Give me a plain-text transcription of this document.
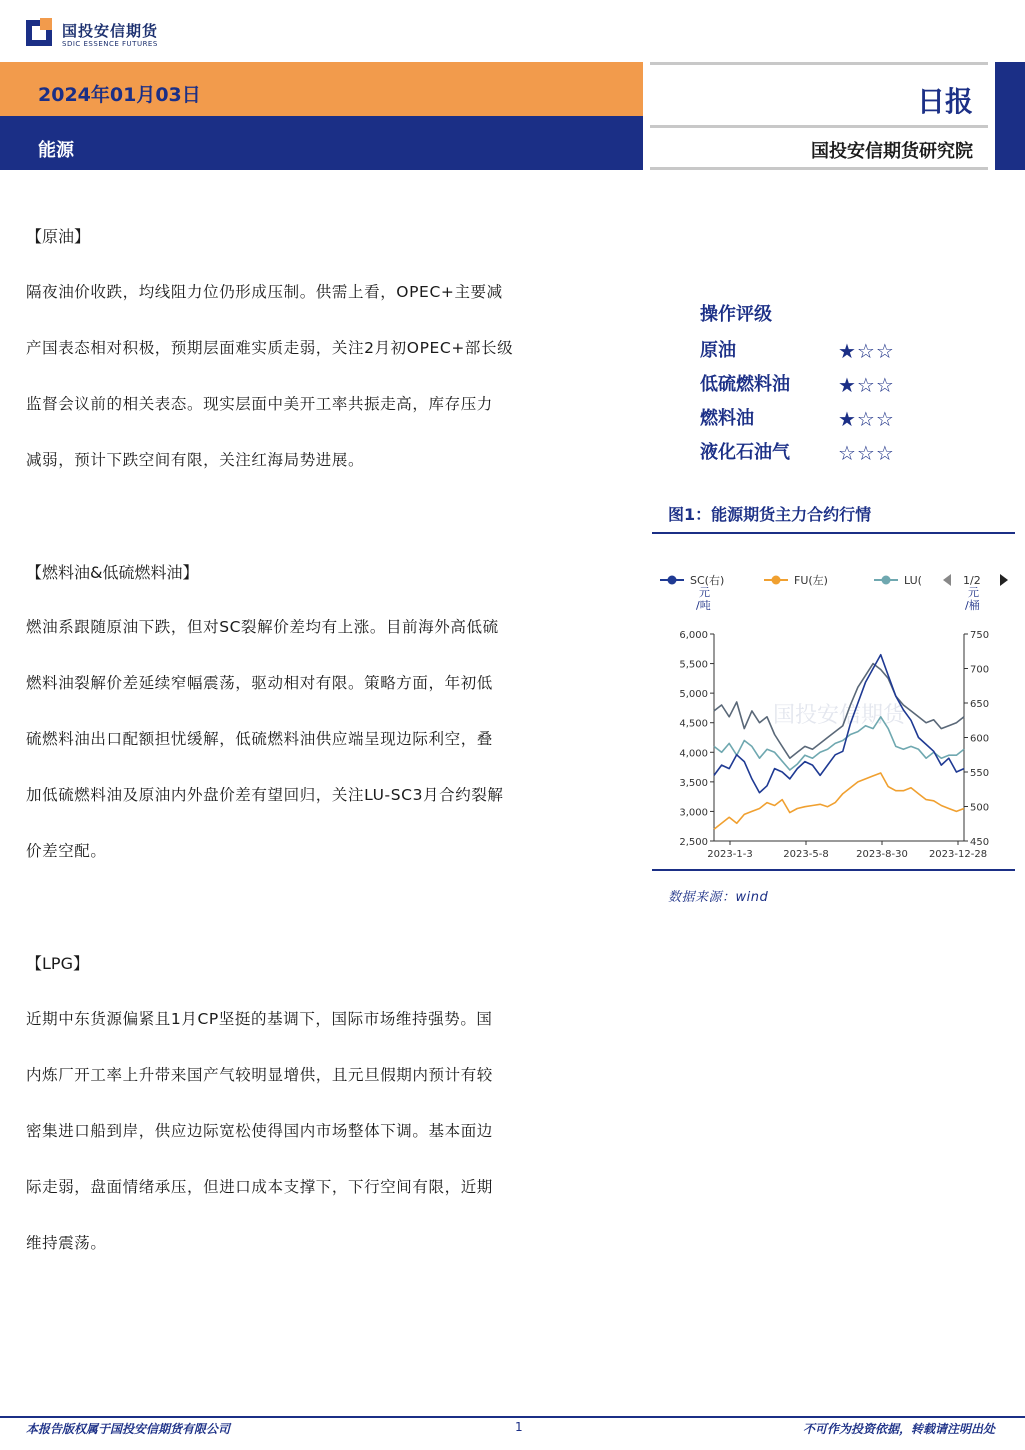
国投安信期货
SDIC ESSENCE FUTURES
2024年01月03日
能源
日报
国投安信期货研究院
【原油】
隔夜油价收跌，均线阻力位仍形成压制。供需上看，OPEC+主要减
产国表态相对积极，预期层面难实质走弱，关注2月初OPEC+部长级
监督会议前的相关表态。现实层面中美开工率共振走高，库存压力
减弱，预计下跌空间有限，关注红海局势进展。
【燃料油&低硫燃料油】
燃油系跟随原油下跌，但对SC裂解价差均有上涨。目前海外高低硫
燃料油裂解价差延续窄幅震荡，驱动相对有限。策略方面，年初低
硫燃料油出口配额担忧缓解，低硫燃料油供应端呈现边际利空，叠
加低硫燃料油及原油内外盘价差有望回归，关注LU-SC3月合约裂解
价差空配。
【LPG】
近期中东货源偏紧且1月CP坚挺的基调下，国际市场维持强势。国
内炼厂开工率上升带来国产气较明显增供，且元旦假期内预计有较
密集进口船到岸，供应边际宽松使得国内市场整体下调。基本面边
际走弱，盘面情绪承压，但进口成本支撑下，下行空间有限，近期
维持震荡。
操作评级
原油	★☆☆
低硫燃料油 ★☆☆
燃料油	★☆☆
液化石油气 ☆☆☆
图1：能源期货主力合约行情
国投安信期货
SC(右)	FU(左)	LU(	1/2
元
/吨
元
/桶
6,000
5,500
5,000
4,500
4,000
3,500
3,000
2,500
750
700
650
600
550
500
450
2023-1-3	2023-5-8	2023-8-30 2023-12-28
数据来源：wind
本报告版权属于国投安信期货有限公司	1	不可作为投资依据，转载请注明出处
